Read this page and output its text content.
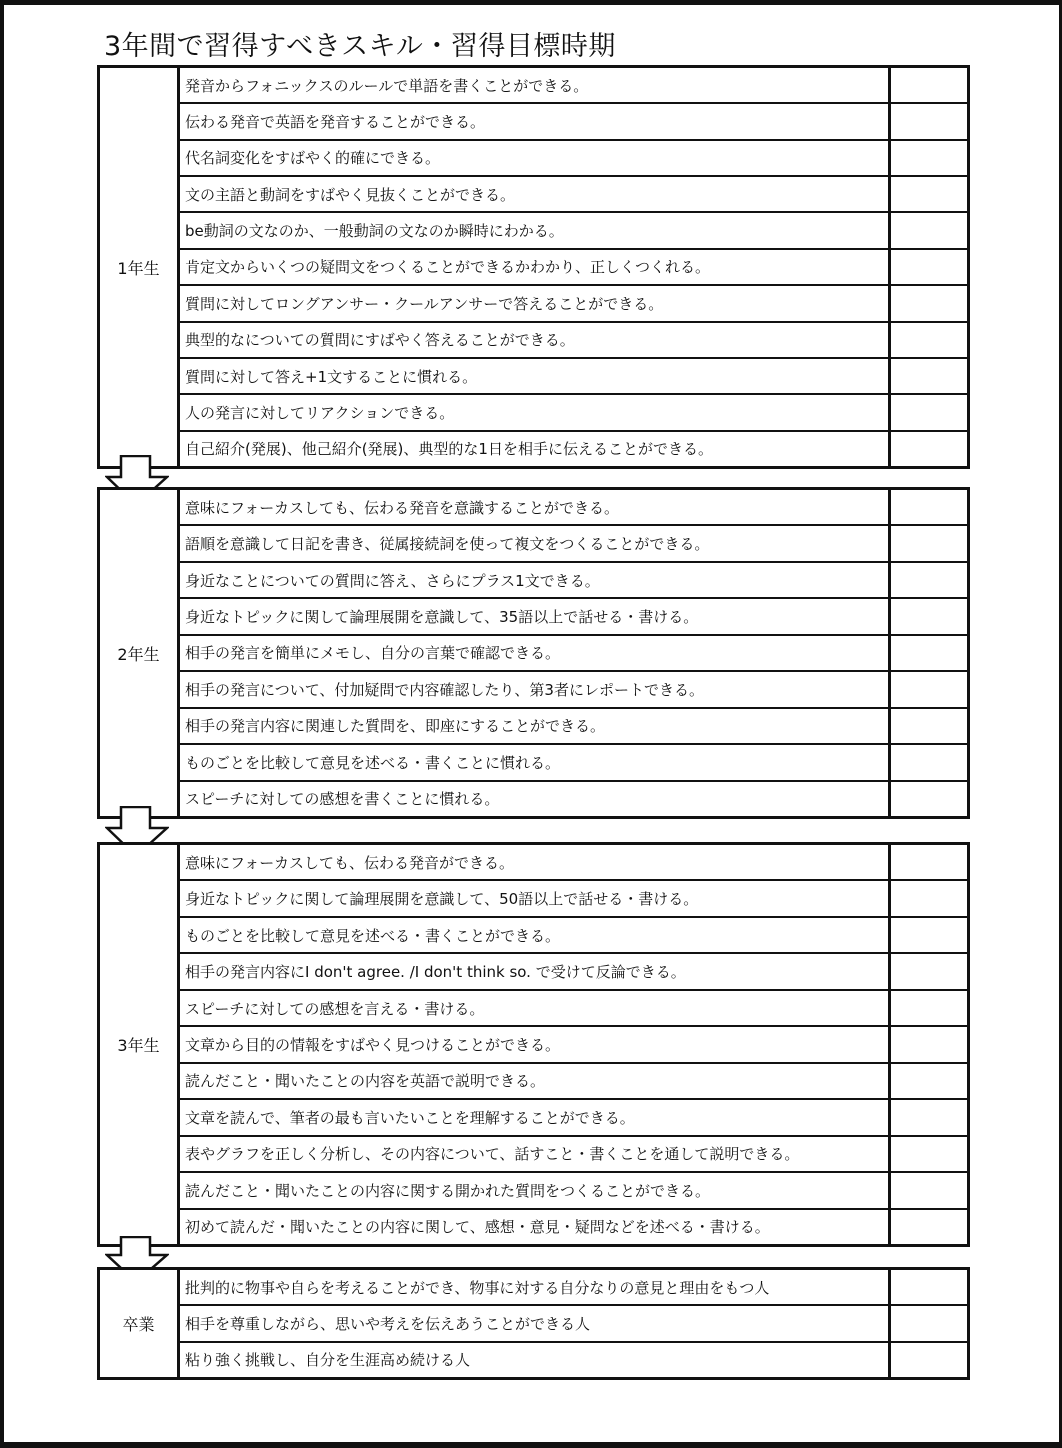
3年間で習得すべきスキル・習得目標時期
1年生
発音からフォニックスのルールで単語を書くことができる。
伝わる発音で英語を発音することができる。
代名詞変化をすばやく的確にできる。
文の主語と動詞をすばやく見抜くことができる。
be動詞の文なのか、一般動詞の文なのか瞬時にわかる。
肯定文からいくつの疑問文をつくることができるかわかり、正しくつくれる。
質問に対してロングアンサー・クールアンサーで答えることができる。
典型的なについての質問にすばやく答えることができる。
質問に対して答え+1文することに慣れる。
人の発言に対してリアクションできる。
自己紹介(発展)、他己紹介(発展)、典型的な1日を相手に伝えることができる。
2年生
意味にフォーカスしても、伝わる発音を意識することができる。
語順を意識して日記を書き、従属接続詞を使って複文をつくることができる。
身近なことについての質問に答え、さらにプラス1文できる。
身近なトピックに関して論理展開を意識して、35語以上で話せる・書ける。
相手の発言を簡単にメモし、自分の言葉で確認できる。
相手の発言について、付加疑問で内容確認したり、第3者にレポートできる。
相手の発言内容に関連した質問を、即座にすることができる。
ものごとを比較して意見を述べる・書くことに慣れる。
スピーチに対しての感想を書くことに慣れる。
3年生
意味にフォーカスしても、伝わる発音ができる。
身近なトピックに関して論理展開を意識して、50語以上で話せる・書ける。
ものごとを比較して意見を述べる・書くことができる。
相手の発言内容にI don't agree. /I don't think so. で受けて反論できる。
スピーチに対しての感想を言える・書ける。
文章から目的の情報をすばやく見つけることができる。
読んだこと・聞いたことの内容を英語で説明できる。
文章を読んで、筆者の最も言いたいことを理解することができる。
表やグラフを正しく分析し、その内容について、話すこと・書くことを通して説明できる。
読んだこと・聞いたことの内容に関する開かれた質問をつくることができる。
初めて読んだ・聞いたことの内容に関して、感想・意見・疑問などを述べる・書ける。
卒業
批判的に物事や自らを考えることができ、物事に対する自分なりの意見と理由をもつ人
相手を尊重しながら、思いや考えを伝えあうことができる人
粘り強く挑戦し、自分を生涯高め続ける人
